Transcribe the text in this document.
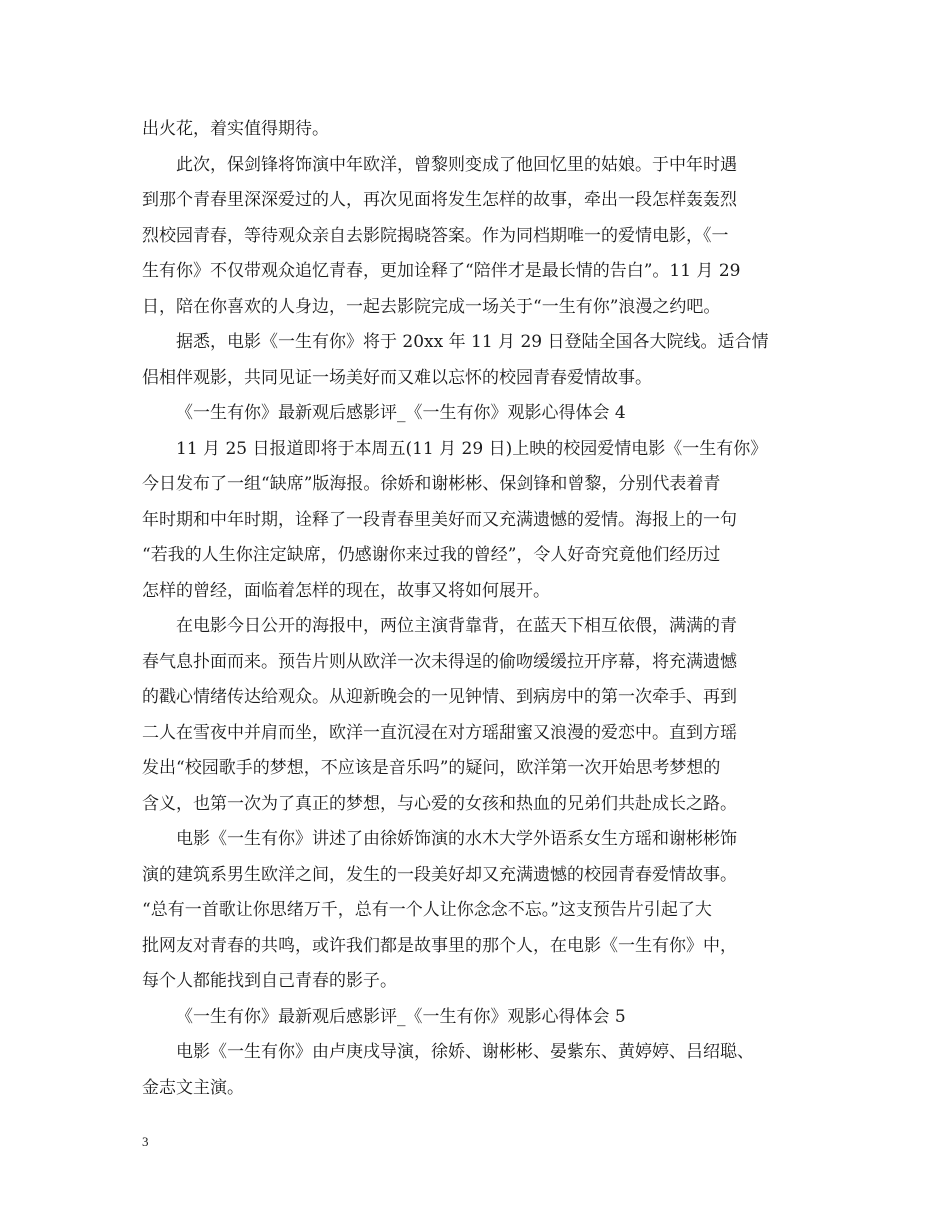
出火花，着实值得期待。
此次，保剑锋将饰演中年欧洋，曾黎则变成了他回忆里的姑娘。于中年时遇
到那个青春里深深爱过的人，再次见面将发生怎样的故事，牵出一段怎样轰轰烈
烈校园青春，等待观众亲自去影院揭晓答案。作为同档期唯一的爱情电影，《一
生有你》不仅带观众追忆青春，更加诠释了“陪伴才是最长情的告白”。11 月 29
日，陪在你喜欢的人身边，一起去影院完成一场关于“一生有你”浪漫之约吧。
据悉，电影《一生有你》将于 20xx 年 11 月 29 日登陆全国各大院线。适合情
侣相伴观影，共同见证一场美好而又难以忘怀的校园青春爱情故事。
《一生有你》最新观后感影评_《一生有你》观影心得体会 4
11 月 25 日报道即将于本周五(11 月 29 日)上映的校园爱情电影《一生有你》
今日发布了一组“缺席”版海报。徐娇和谢彬彬、保剑锋和曾黎，分别代表着青
年时期和中年时期，诠释了一段青春里美好而又充满遗憾的爱情。海报上的一句
“若我的人生你注定缺席，仍感谢你来过我的曾经”，令人好奇究竟他们经历过
怎样的曾经，面临着怎样的现在，故事又将如何展开。
在电影今日公开的海报中，两位主演背靠背，在蓝天下相互依偎，满满的青
春气息扑面而来。预告片则从欧洋一次未得逞的偷吻缓缓拉开序幕，将充满遗憾
的戳心情绪传达给观众。从迎新晚会的一见钟情、到病房中的第一次牵手、再到
二人在雪夜中并肩而坐，欧洋一直沉浸在对方瑶甜蜜又浪漫的爱恋中。直到方瑶
发出“校园歌手的梦想，不应该是音乐吗”的疑问，欧洋第一次开始思考梦想的
含义，也第一次为了真正的梦想，与心爱的女孩和热血的兄弟们共赴成长之路。
电影《一生有你》讲述了由徐娇饰演的水木大学外语系女生方瑶和谢彬彬饰
演的建筑系男生欧洋之间，发生的一段美好却又充满遗憾的校园青春爱情故事。
“总有一首歌让你思绪万千，总有一个人让你念念不忘。”这支预告片引起了大
批网友对青春的共鸣，或许我们都是故事里的那个人，在电影《一生有你》中，
每个人都能找到自己青春的影子。
《一生有你》最新观后感影评_《一生有你》观影心得体会 5
电影《一生有你》由卢庚戌导演，徐娇、谢彬彬、晏紫东、黄婷婷、吕绍聪、
金志文主演。
3
